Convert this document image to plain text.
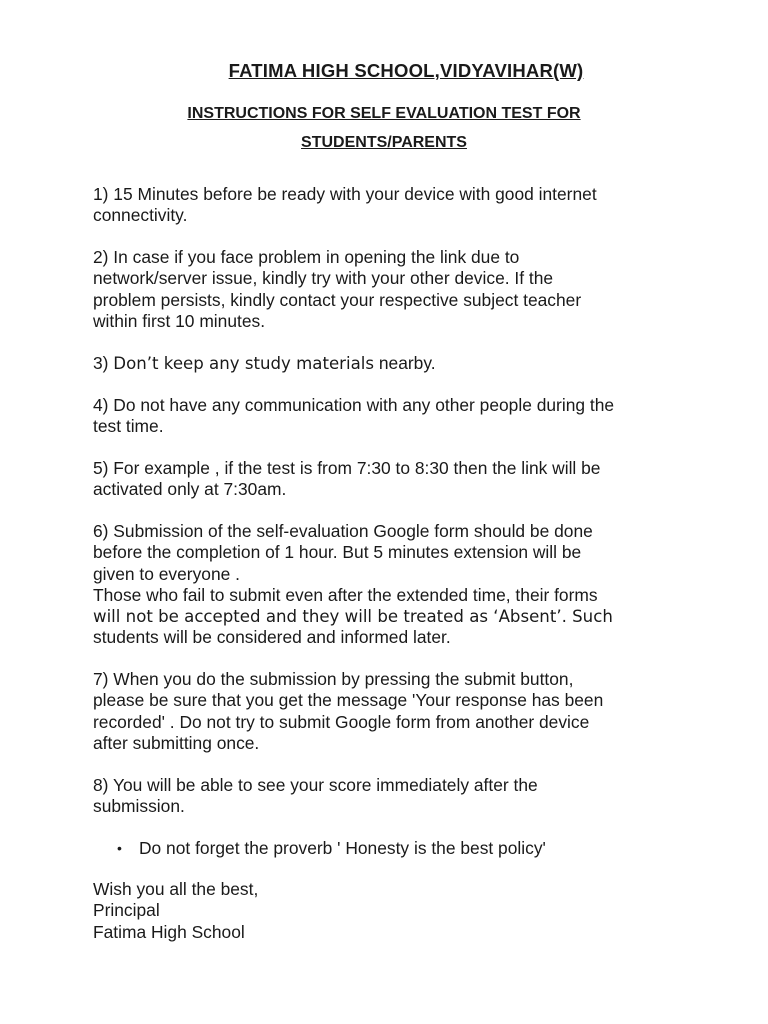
FATIMA HIGH SCHOOL,VIDYAVIHAR(W)
INSTRUCTIONS FOR SELF EVALUATION TEST FOR
STUDENTS/PARENTS
1) 15 Minutes before be ready with your device with good internet
connectivity.
2) In case if you face problem in opening the link due to
network/server issue, kindly try with your other device. If the
problem persists, kindly contact your respective subject teacher
within first 10 minutes.
3) Don’t keep any study materials nearby.
4) Do not have any communication with any other people during the
test time.
5) For example , if the test is from 7:30 to 8:30 then the link will be
activated only at 7:30am.
6) Submission of the self-evaluation Google form should be done
before the completion of 1 hour. But 5 minutes extension will be
given to everyone .
Those who fail to submit even after the extended time, their forms
will not be accepted and they will be treated as ‘Absent’. Such
students will be considered and informed later.
7) When you do the submission by pressing the submit button,
please be sure that you get the message 'Your response has been
recorded' . Do not try to submit Google form from another device
after submitting once.
8) You will be able to see your score immediately after the
submission.
• Do not forget the proverb ' Honesty is the best policy'
Wish you all the best,
Principal
Fatima High School
